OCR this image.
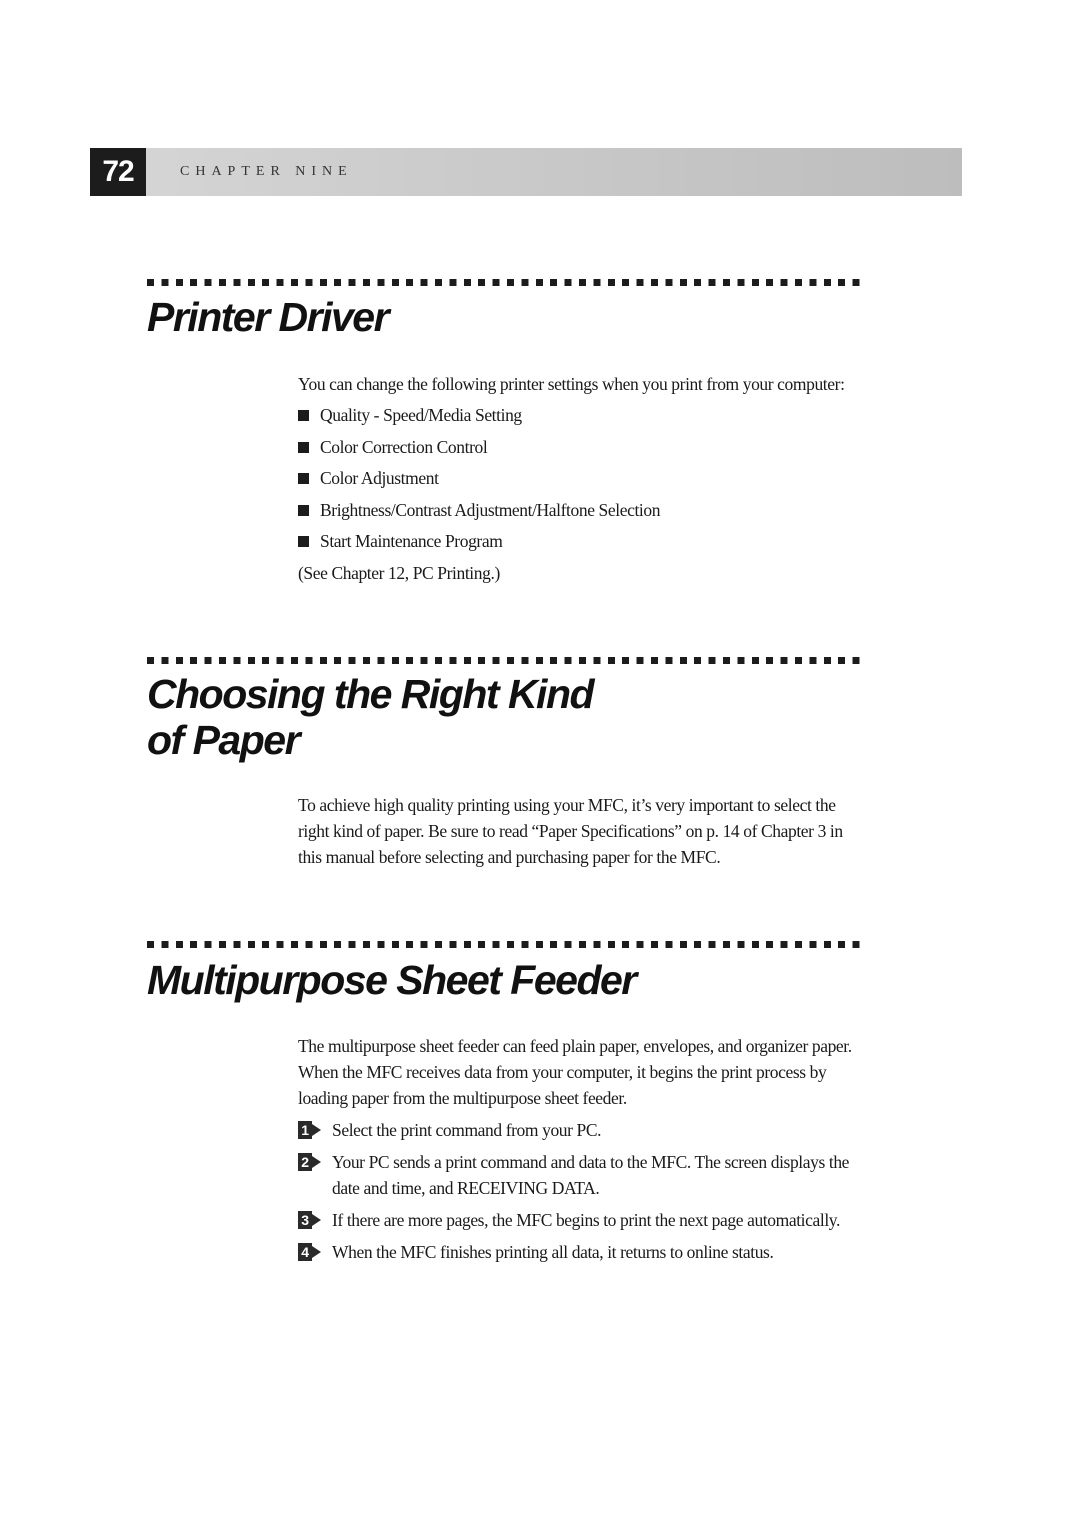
72	CHAPTER NINE
Printer Driver

You can change the following printer settings when you print from your computer:

Quality - Speed/Media Setting
Color Correction Control
Color Adjustment
Brightness/Contrast Adjustment/Halftone Selection
Start Maintenance Program

(See Chapter 12, PC Printing.)

Choosing the Right Kind
of Paper

To achieve high quality printing using your MFC, it’s very important to select the right kind of paper. Be sure to read “Paper Specifications” on p. 14 of Chapter 3 in this manual before selecting and purchasing paper for the MFC.

Multipurpose Sheet Feeder

The multipurpose sheet feeder can feed plain paper, envelopes, and organizer paper. When the MFC receives data from your computer, it begins the print process by loading paper from the multipurpose sheet feeder.

1 Select the print command from your PC.
2 Your PC sends a print command and data to the MFC. The screen displays the date and time, and RECEIVING DATA.
3 If there are more pages, the MFC begins to print the next page automatically.
4 When the MFC finishes printing all data, it returns to online status.
